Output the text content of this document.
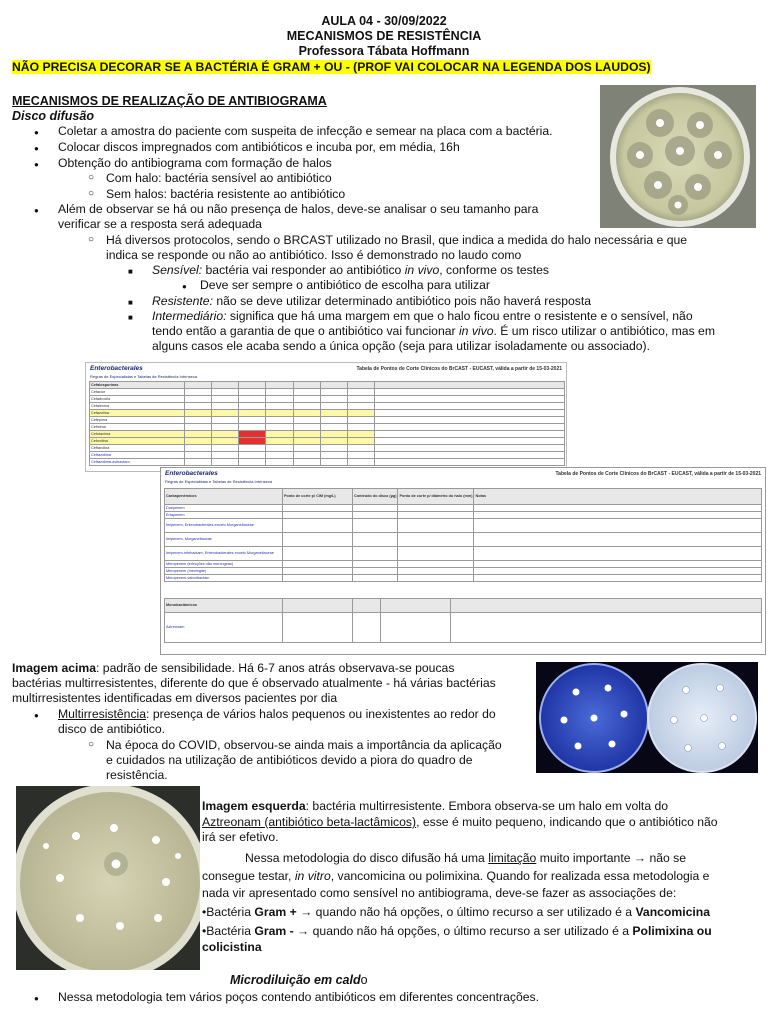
AULA 04 - 30/09/2022
MECANISMOS DE RESISTÊNCIA
Professora Tábata Hoffmann
NÃO PRECISA DECORAR SE A BACTÉRIA É GRAM + OU - (PROF VAI COLOCAR NA LEGENDA DOS LAUDOS)
MECANISMOS DE REALIZAÇÃO DE ANTIBIOGRAMA
Disco difusão
● Coletar a amostra do paciente com suspeita de infecção e semear na placa com a bactéria.
● Colocar discos impregnados com antibióticos e incuba por, em média, 16h
● Obtenção do antibiograma com formação de halos
○ Com halo: bactéria sensível ao antibiótico
○ Sem halos: bactéria resistente ao antibiótico
● Além de observar se há ou não presença de halos, deve-se analisar o seu tamanho para
verificar se a resposta será adequada
○ Há diversos protocolos, sendo o BRCAST utilizado no Brasil, que indica a medida do halo necessária e que
indica se responde ou não ao antibiótico. Isso é demonstrado no laudo como
■ Sensível: bactéria vai responder ao antibiótico in vivo, conforme os testes
● Deve ser sempre o antibiótico de escolha para utilizar
■ Resistente: não se deve utilizar determinado antibiótico pois não haverá resposta
■ Intermediário: significa que há uma margem em que o halo ficou entre o resistente e o sensível, não
tendo então a garantia de que o antibiótico vai funcionar in vivo. É um risco utilizar o antibiótico, mas em
alguns casos ele acaba sendo a única opção (seja para utilizar isoladamente ou associado).
Enterobacterales
Regras de Especialistas e Tabelas de Resistência Intrínseca
Tabela de Pontos de Corte Clínicos do BrCAST - EUCAST, válida a partir de 15-03-2021
Cefalosporinas								
Cefaclor								
Cefadroxila								
Cefalexina								
Cefazolina								
Cefepima								
Cefixima								
Cefotaxima								
Cefoxitina								
Ceftarolina								
Ceftazidima								
Ceftazidima-avibactam								
Enterobacterales
Regras de Especialistas e Tabelas de Resistência Intrínseca
Tabela de Pontos de Corte Clínicos do BrCAST - EUCAST, válida a partir de 15-03-2021
Carbapenêmicos	Ponto de corte p/ CIM (mg/L)	Conteúdo do disco (µg)	Ponto de corte p/ diâmetro do halo (mm)	Notas
Doripenem				
Ertapenem				
Imipenem, Enterobacterales exceto Morganellaceae				
Imipenem, Morganellaceae				
Imipenem-relebactam, Enterobacterales exceto Morganellaceae				
Meropenem (infecções não meníngeas)				
Meropenem (meningite)				
Meropenem-vaborbactam				
Monobactâmicos				
Aztreonam				
Imagem acima: padrão de sensibilidade. Há 6-7 anos atrás observava-se poucas
bactérias multirresistentes, diferente do que é observado atualmente - há várias bactérias
multirresistentes identificadas em diversos pacientes por dia
● Multirresistência: presença de vários halos pequenos ou inexistentes ao redor do
disco de antibiótico.
○ Na época do COVID, observou-se ainda mais a importância da aplicação
e cuidados na utilização de antibióticos devido a piora do quadro de
resistência.
Imagem esquerda: bactéria multirresistente. Embora observa-se um halo em volta do
Aztreonam (antibiótico beta-lactâmicos), esse é muito pequeno, indicando que o antibiótico não
irá ser efetivo.
Nessa metodologia do disco difusão há uma limitação muito importante → não se
consegue testar, in vitro, vancomicina ou polimixina. Quando for realizada essa metodologia e
nada vir apresentado como sensível no antibiograma, deve-se fazer as associações de:
•Bactéria Gram + → quando não há opções, o último recurso a ser utilizado é a Vancomicina
•Bactéria Gram - → quando não há opções, o último recurso a ser utilizado é a Polimixina ou
colicistina
Microdiluição em caldo
● Nessa metodologia tem vários poços contendo antibióticos em diferentes concentrações.
